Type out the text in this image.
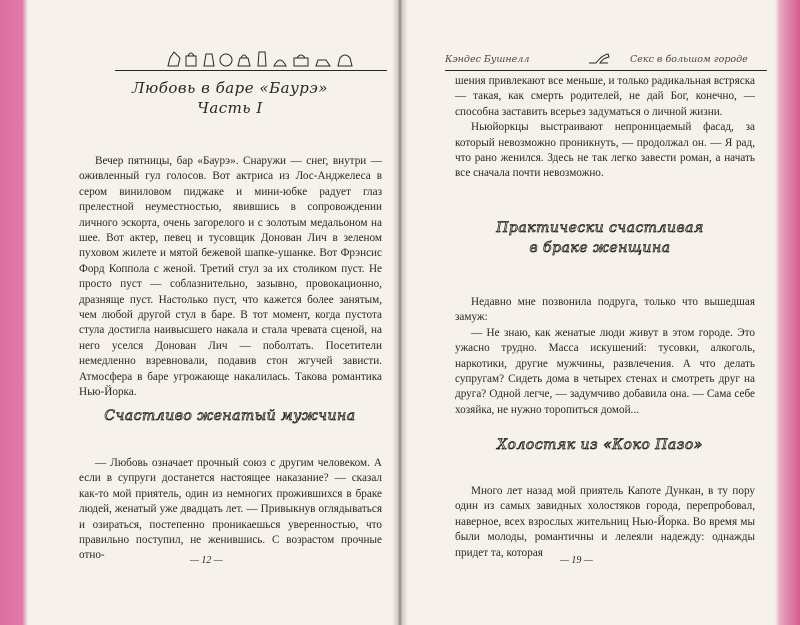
Любовь в баре «Баурэ»
Часть I

Вечер пятницы, бар «Баурэ». Снаружи — снег, внутри — оживленный гул голосов. Вот актриса из Лос-Анджелеса в сером виниловом пиджаке и мини-юбке радует глаз прелестной неуместностью, явившись в сопровождении личного эскорта, очень загорелого и с золотым медальоном на шее. Вот актер, певец и тусовщик Донован Лич в зеленом пуховом жилете и мятой бежевой шапке-ушанке. Вот Фрэнсис Форд Коппола с женой. Третий стул за их столиком пуст. Не просто пуст — соблазнительно, зазывно, провокационно, дразняще пуст. Настолько пуст, что кажется более занятым, чем любой другой стул в баре. В тот момент, когда пустота стула достигла наивысшего накала и стала чревата сценой, на него уселся Донован Лич — поболтать. Посетители немедленно взревновали, подавив стон жгучей зависти. Атмосфера в баре угрожающе накалилась. Такова романтика Нью-Йорка.

Счастливо женатый мужчина

— Любовь означает прочный союз с другим человеком. А если в супруги достанется настоящее наказание? — сказал как-то мой приятель, один из немногих прожившихся в браке людей, женатый уже двадцать лет. — Привыкнув оглядываться и озираться, постепенно проникаешься уверенностью, что правильно поступил, не женившись. С возрастом прочные отно-	— 12 —
Кэндес Бушнелл	Секс в большом городе

шения привлекают все меньше, и только радикальная встряска — такая, как смерть родителей, не дай Бог, конечно, — способна заставить всерьез задуматься о личной жизни.

Ньюйоркцы выстраивают непроницаемый фасад, за который невозможно проникнуть, — продолжал он. — Я рад, что рано женился. Здесь не так легко завести роман, а начать все сначала почти невозможно.

Практически счастливая
в браке женщина

Недавно мне позвонила подруга, только что вышедшая замуж:

— Не знаю, как женатые люди живут в этом городе. Это ужасно трудно. Масса искушений: тусовки, алкоголь, наркотики, другие мужчины, развлечения. А что делать супругам? Сидеть дома в четырех стенах и смотреть друг на друга? Одной легче, — задумчиво добавила она. — Сама себе хозяйка, не нужно торопиться домой...

Холостяк из «Коко Пазо»

Много лет назад мой приятель Капоте Дункан, в ту пору один из самых завидных холостяков города, перепробовал, наверное, всех взрослых жительниц Нью-Йорка. Во время мы были молоды, романтичны и лелеяли надежду: однажды придет та, которая

— 19 —
